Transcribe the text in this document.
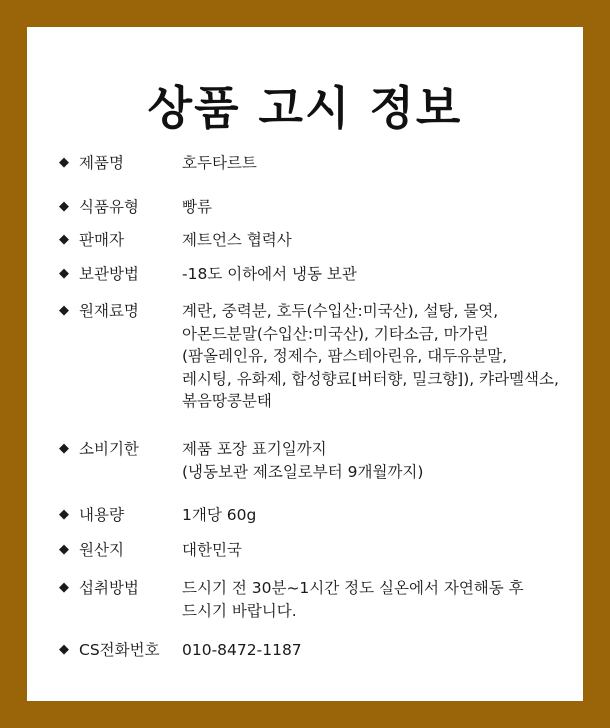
상품 고시 정보
◆ 제품명	호두타르트
◆ 식품유형	빵류
◆ 판매자	제트언스 협력사
◆ 보관방법	-18도 이하에서 냉동 보관
◆ 원재료명	계란, 중력분, 호두(수입산:미국산), 설탕, 물엿,
아몬드분말(수입산:미국산), 기타소금, 마가린
(팜올레인유, 정제수, 팜스테아린유, 대두유분말,
레시팅, 유화제, 합성향료[버터향, 밀크향]), 캬라멜색소,
볶음땅콩분태
◆ 소비기한	제품 포장 표기일까지
(냉동보관 제조일로부터 9개월까지)
◆ 내용량	1개당 60g
◆ 원산지	대한민국
◆ 섭취방법	드시기 전 30분~1시간 정도 실온에서 자연해동 후
드시기 바랍니다.
◆ CS전화번호 010-8472-1187
